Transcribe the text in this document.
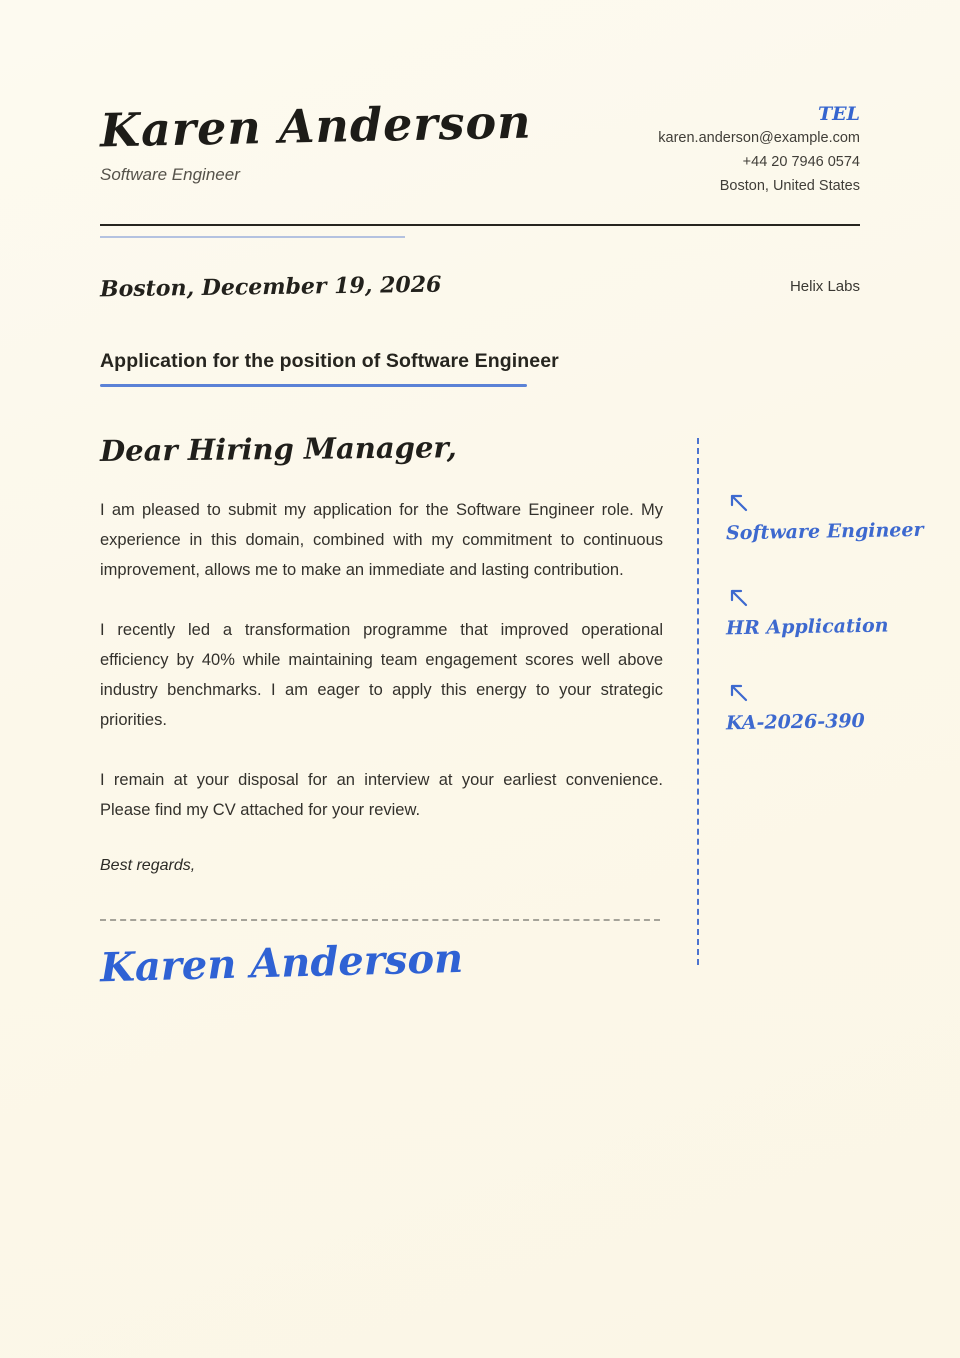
Karen Anderson
Software Engineer
TEL
karen.anderson@example.com
+44 20 7946 0574
Boston, United States
Boston, December 19, 2026	Helix Labs
Application for the position of Software Engineer
Dear Hiring Manager,

I am pleased to submit my application for the Software Engineer role. My experience in this domain, combined with my commitment to continuous improvement, allows me to make an immediate and lasting contribution.

I recently led a transformation programme that improved operational efficiency by 40% while maintaining team engagement scores well above industry benchmarks. I am eager to apply this energy to your strategic priorities.

I remain at your disposal for an interview at your earliest convenience. Please find my CV attached for your review.

Best regards,
Karen Anderson
Software Engineer
HR Application
KA-2026-390
